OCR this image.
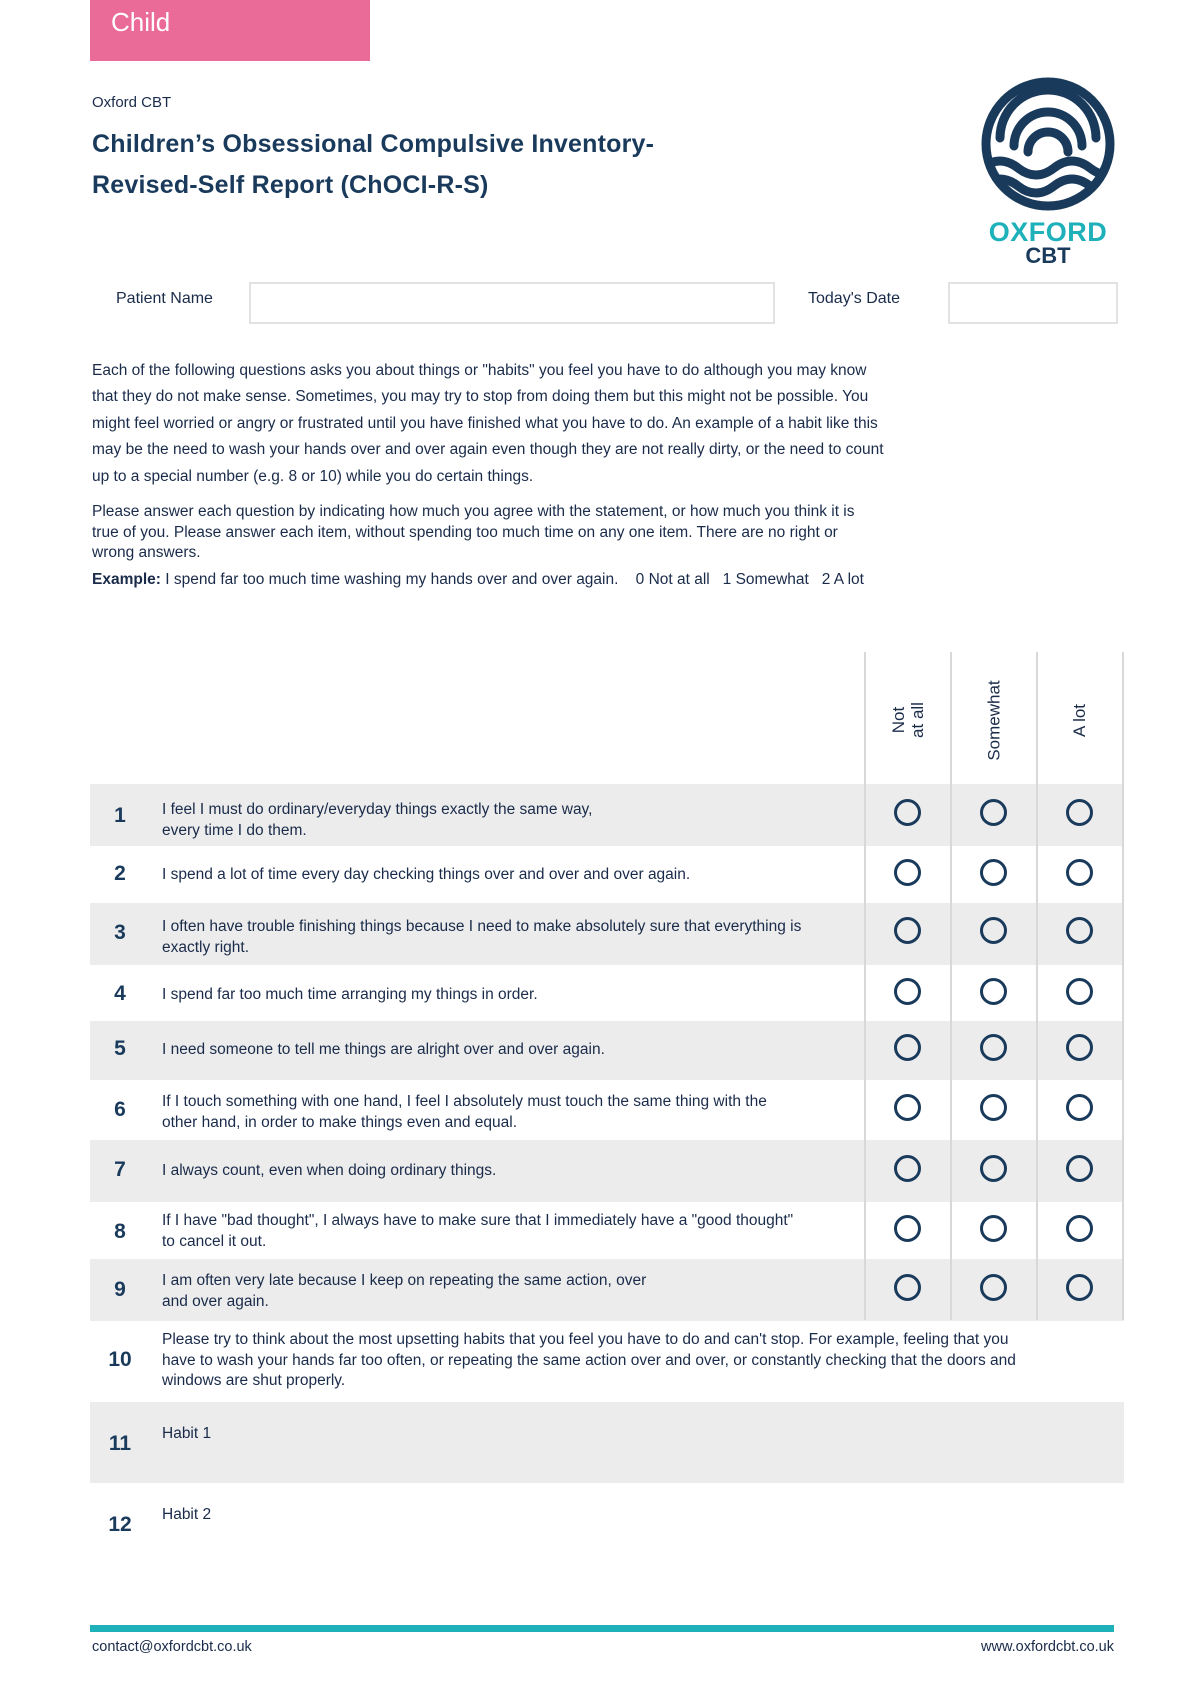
Child
Oxford CBT
Children’s Obsessional Compulsive Inventory-
Revised-Self Report (ChOCI-R-S)
OXFORD
CBT
Patient Name	Today's Date
Each of the following questions asks you about things or "habits" you feel you have to do although you may know
that they do not make sense. Sometimes, you may try to stop from doing them but this might not be possible. You
might feel worried or angry or frustrated until you have finished what you have to do. An example of a habit like this
may be the need to wash your hands over and over again even though they are not really dirty, or the need to count
up to a special number (e.g. 8 or 10) while you do certain things.
Please answer each question by indicating how much you agree with the statement, or how much you think it is
true of you. Please answer each item, without spending too much time on any one item. There are no right or
wrong answers.
Example: I spend far too much time washing my hands over and over again.    0 Not at all   1 Somewhat   2 A lot
Not at all	Somewhat	A lot
1	I feel I must do ordinary/everyday things exactly the same way,
every time I do them.
2	I spend a lot of time every day checking things over and over and over again.
3	I often have trouble finishing things because I need to make absolutely sure that everything is
exactly right.
4	I spend far too much time arranging my things in order.
5	I need someone to tell me things are alright over and over again.
6	If I touch something with one hand, I feel I absolutely must touch the same thing with the
other hand, in order to make things even and equal.
7	I always count, even when doing ordinary things.
8	If I have "bad thought", I always have to make sure that I immediately have a "good thought"
to cancel it out.
9	I am often very late because I keep on repeating the same action, over
and over again.
10
Please try to think about the most upsetting habits that you feel you have to do and can't stop. For example, feeling that you
have to wash your hands far too often, or repeating the same action over and over, or constantly checking that the doors and
windows are shut properly.
11	Habit 1
12	Habit 2
contact@oxfordcbt.co.uk	www.oxfordcbt.co.uk
